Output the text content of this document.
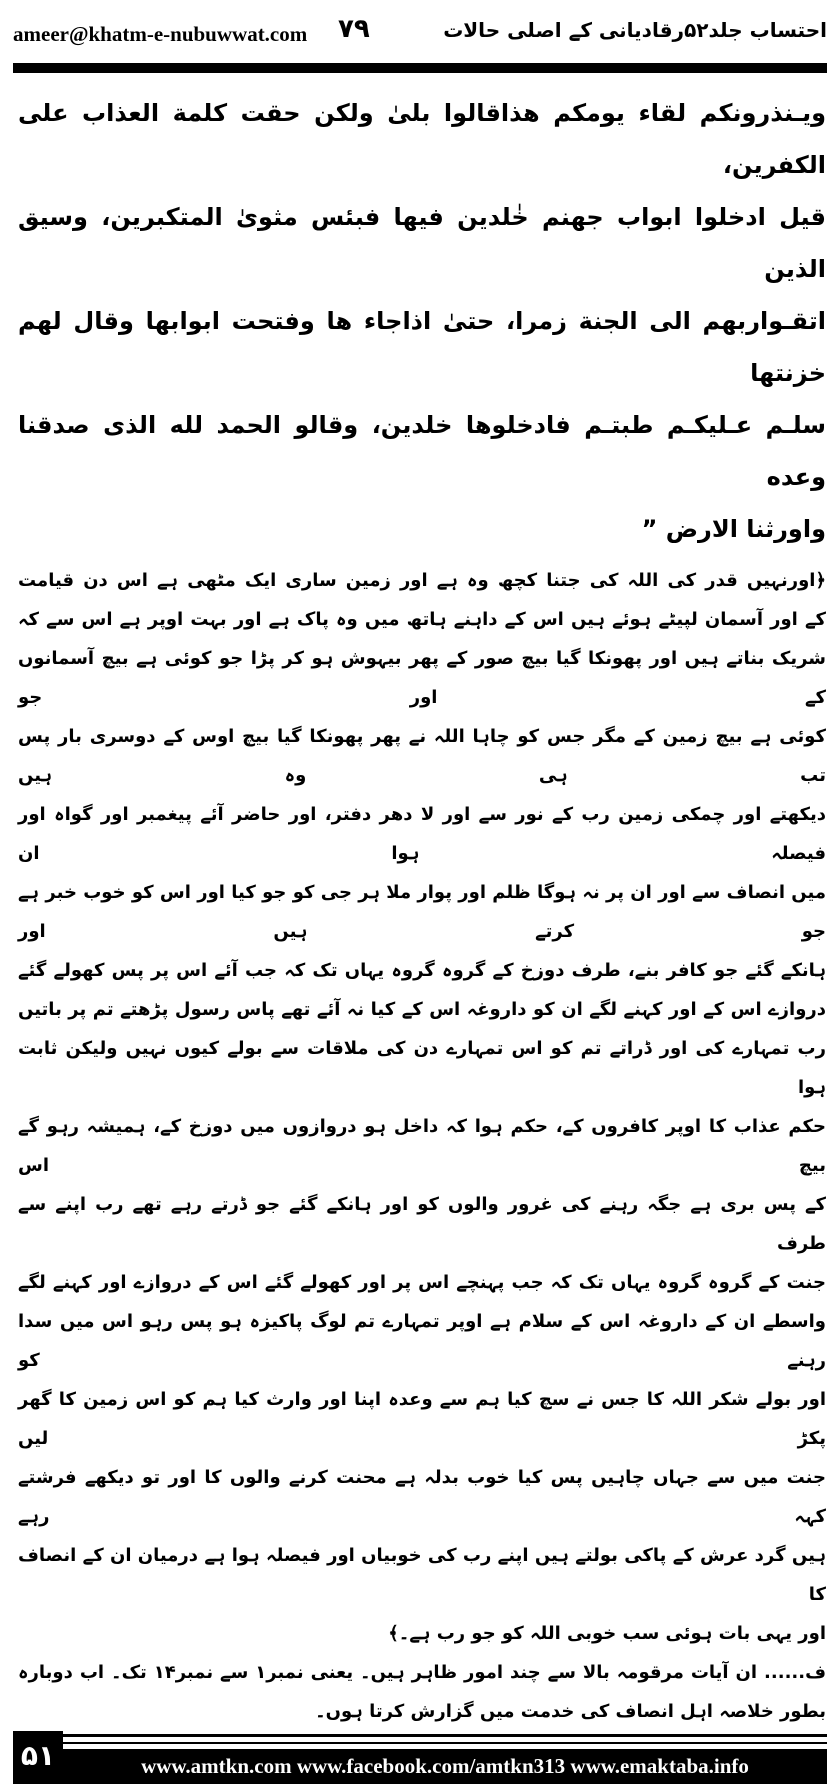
ameer@khatm-e-nubuwwat.com ۷۹	احتساب جلد۵۲رقادیانی کے اصلی حالات
ویـنذرونکم لقاء یومکم هذاقالوا بلیٰ ولکن حقت کلمة العذاب علی الکفرین،
قیل ادخلوا ابواب جهنم خٰلدین فیها فبئس مثویٰ المتکبرین، وسیق الذین
اتقـواربهم الی الجنة زمرا، حتیٰ اذاجاء ها وفتحت ابوابها وقال لهم خزنتها
سلـم عـلیکـم طبتـم فادخلوها خلدین، وقالو الحمد لله الذی صدقنا وعده
واورثنا الارض ”
﴿اورنہیں قدر کی اللہ کی جتنا کچھ وہ ہے اور زمین ساری ایک مٹھی ہے اس دن قیامت
کے اور آسمان لپیٹے ہوئے ہیں اس کے داہنے ہاتھ میں وہ پاک ہے اور بہت اوپر ہے اس سے کہ
شریک بناتے ہیں اور پھونکا گیا بیچ صور کے پھر بیہوش ہو کر پڑا جو کوئی ہے بیچ آسمانوں کے اور جو
کوئی ہے بیچ زمین کے مگر جس کو چاہا اللہ نے پھر پھونکا گیا بیچ اوس کے دوسری بار پس تب ہی وہ ہیں
دیکھتے اور چمکی زمین رب کے نور سے اور لا دھر دفتر، اور حاضر آئے پیغمبر اور گواہ اور فیصلہ ہوا ان
میں انصاف سے اور ان پر نہ ہوگا ظلم اور پوار ملا ہر جی کو جو کیا اور اس کو خوب خبر ہے جو کرتے ہیں اور
ہانکے گئے جو کافر بنے، طرف دوزخ کے گروہ گروہ یہاں تک کہ جب آئے اس پر پس کھولے گئے
دروازے اس کے اور کہنے لگے ان کو داروغہ اس کے کیا نہ آئے تھے پاس رسول پڑھتے تم پر باتیں
رب تمہارے کی اور ڈراتے تم کو اس تمہارے دن کی ملاقات سے بولے کیوں نہیں ولیکن ثابت ہوا
حکم عذاب کا اوپر کافروں کے، حکم ہوا کہ داخل ہو دروازوں میں دوزخ کے، ہمیشہ رہو گے بیچ اس
کے پس بری ہے جگہ رہنے کی غرور والوں کو اور ہانکے گئے جو ڈرتے رہے تھے رب اپنے سے طرف
جنت کے گروہ گروہ یہاں تک کہ جب پہنچے اس پر اور کھولے گئے اس کے دروازے اور کہنے لگے
واسطے ان کے داروغہ اس کے سلام ہے اوپر تمہارے تم لوگ پاکیزہ ہو پس رہو اس میں سدا رہنے کو
اور بولے شکر اللہ کا جس نے سچ کیا ہم سے وعدہ اپنا اور وارث کیا ہم کو اس زمین کا گھر پکڑ لیں
جنت میں سے جہاں چاہیں پس کیا خوب بدلہ ہے محنت کرنے والوں کا اور تو دیکھے فرشتے کہہ رہے
ہیں گرد عرش کے پاکی بولتے ہیں اپنے رب کی خوبیاں اور فیصلہ ہوا ہے درمیان ان کے انصاف کا
اور یہی بات ہوئی سب خوبی اللہ کو جو رب ہے۔﴾
ف...... ان آیات مرقومہ بالا سے چند امور ظاہر ہیں۔ یعنی نمبر۱ سے نمبر۱۴ تک۔ اب دوبارہ
بطور خلاصہ اہل انصاف کی خدمت میں گزارش کرتا ہوں۔
۵۱	www.amtkn.com www.facebook.com/amtkn313 www.emaktaba.info
